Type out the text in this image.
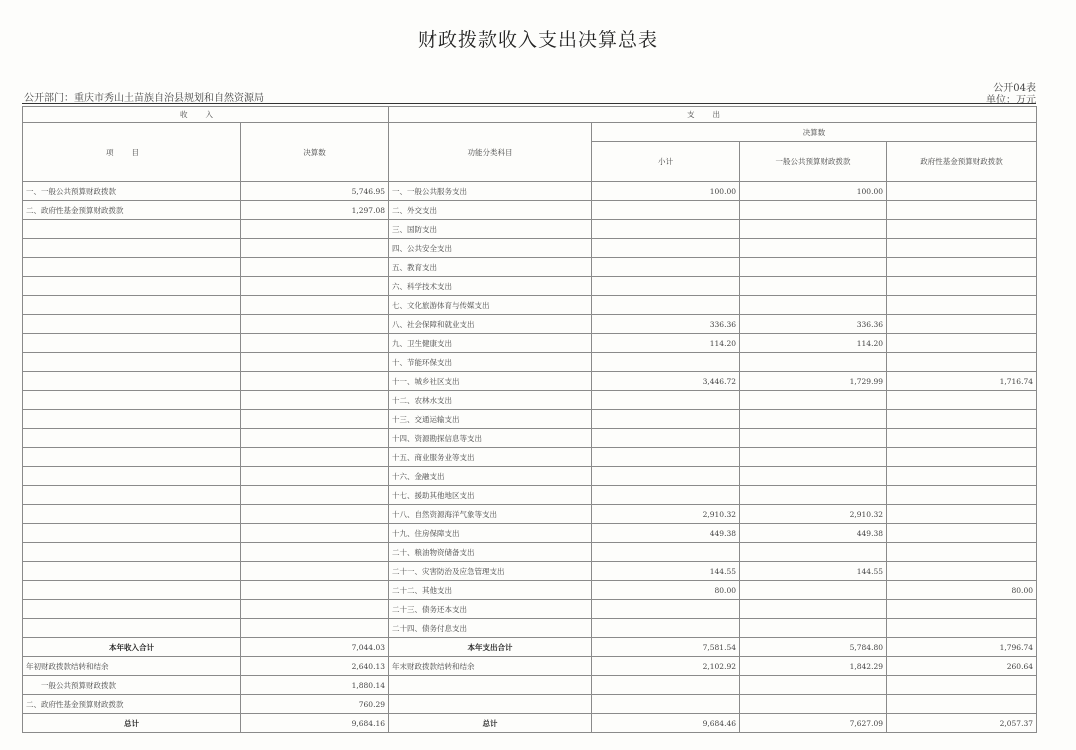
财政拨款收入支出决算总表
公开部门：重庆市秀山土苗族自治县规划和自然资源局
公开04表
单位：万元
收入		支出			
项目	决算数	功能分类科目	决算数		
			小计	一般公共预算财政拨款	政府性基金预算财政拨款
一、一般公共预算财政拨款	5,746.95	一、一般公共服务支出	100.00	100.00	
二、政府性基金预算财政拨款	1,297.08	二、外交支出			
		三、国防支出			
		四、公共安全支出			
		五、教育支出			
		六、科学技术支出			
		七、文化旅游体育与传媒支出			
		八、社会保障和就业支出	336.36	336.36	
		九、卫生健康支出	114.20	114.20	
		十、节能环保支出			
		十一、城乡社区支出	3,446.72	1,729.99	1,716.74
		十二、农林水支出			
		十三、交通运输支出			
		十四、资源勘探信息等支出			
		十五、商业服务业等支出			
		十六、金融支出			
		十七、援助其他地区支出			
		十八、自然资源海洋气象等支出	2,910.32	2,910.32	
		十九、住房保障支出	449.38	449.38	
		二十、粮油物资储备支出			
		二十一、灾害防治及应急管理支出	144.55	144.55	
		二十二、其他支出	80.00		80.00
		二十三、债务还本支出			
		二十四、债务付息支出			
本年收入合计	7,044.03	本年支出合计	7,581.54	5,784.80	1,796.74
年初财政拨款结转和结余	2,640.13	年末财政拨款结转和结余	2,102.92	1,842.29	260.64
一般公共预算财政拨款	1,880.14				
二、政府性基金预算财政拨款	760.29				
总计	9,684.16	总计	9,684.46	7,627.09	2,057.37
